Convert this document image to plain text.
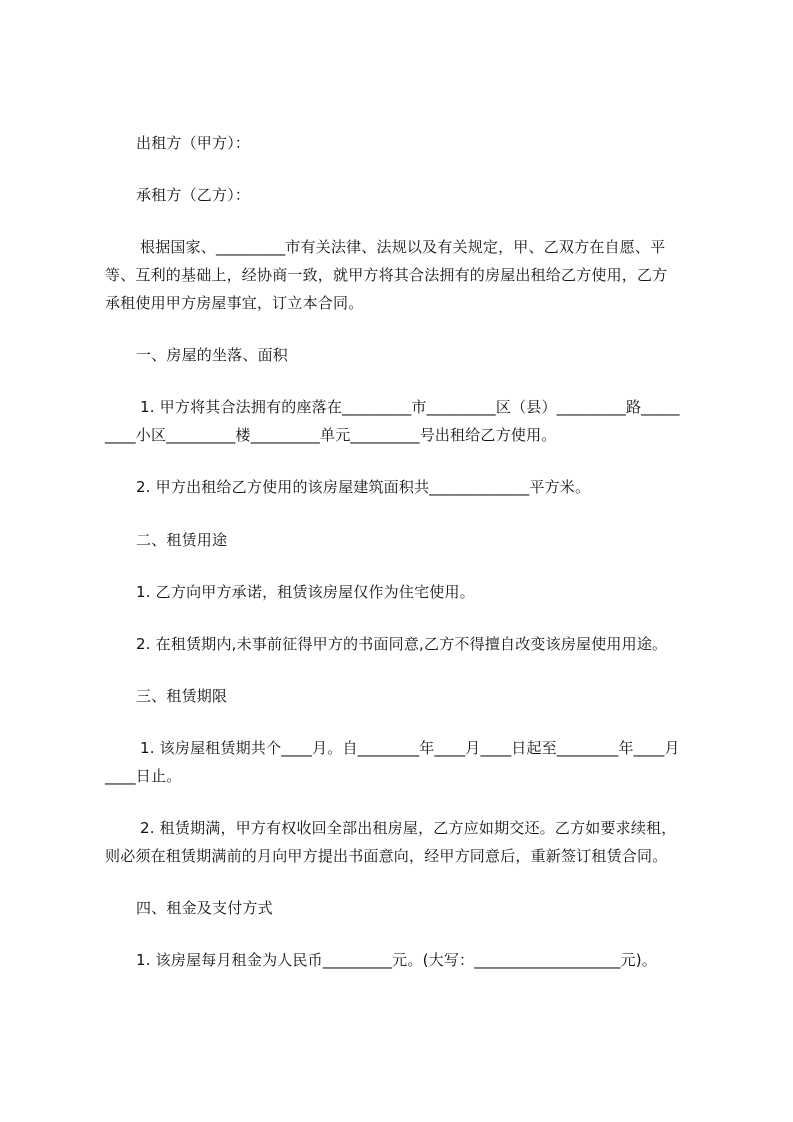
出租方（甲方）：
承租方（乙方）：
根据国家、_________市有关法律、法规以及有关规定，甲、乙双方在自愿、平
等、互利的基础上，经协商一致，就甲方将其合法拥有的房屋出租给乙方使用，乙方
承租使用甲方房屋事宜，订立本合同。
一、房屋的坐落、面积
1. 甲方将其合法拥有的座落在_________市_________区（县）_________路_____
____小区_________楼_________单元_________号出租给乙方使用。
2. 甲方出租给乙方使用的该房屋建筑面积共_____________平方米。
二、租赁用途
1. 乙方向甲方承诺，租赁该房屋仅作为住宅使用。
2. 在租赁期内,未事前征得甲方的书面同意,乙方不得擅自改变该房屋使用用途。
三、租赁期限
1. 该房屋租赁期共个____月。自________年____月____日起至________年____月
____日止。
2. 租赁期满，甲方有权收回全部出租房屋，乙方应如期交还。乙方如要求续租，
则必须在租赁期满前的月向甲方提出书面意向，经甲方同意后，重新签订租赁合同。
四、租金及支付方式
1. 该房屋每月租金为人民币_________元。(大写：___________________元)。
